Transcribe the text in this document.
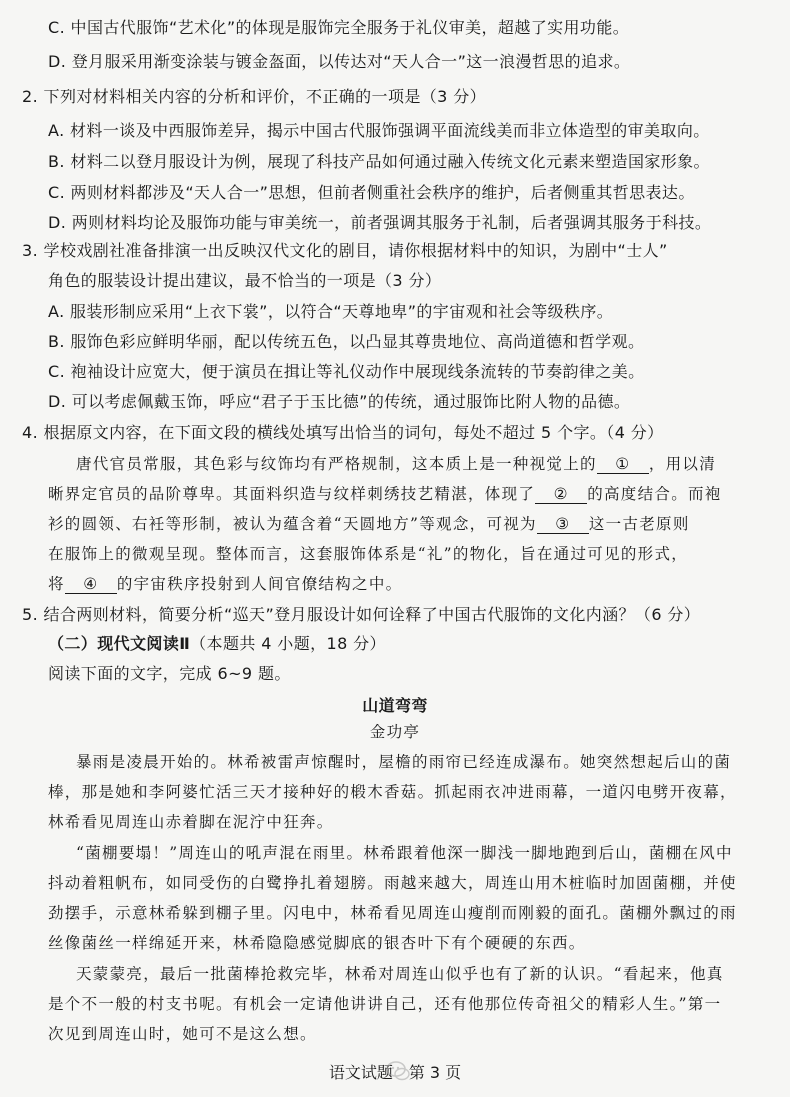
C. 中国古代服饰“艺术化”的体现是服饰完全服务于礼仪审美，超越了实用功能。
D. 登月服采用渐变涂装与镀金盔面，以传达对“天人合一”这一浪漫哲思的追求。
2. 下列对材料相关内容的分析和评价，不正确的一项是（3 分）
A. 材料一谈及中西服饰差异，揭示中国古代服饰强调平面流线美而非立体造型的审美取向。
B. 材料二以登月服设计为例，展现了科技产品如何通过融入传统文化元素来塑造国家形象。
C. 两则材料都涉及“天人合一”思想，但前者侧重社会秩序的维护，后者侧重其哲思表达。
D. 两则材料均论及服饰功能与审美统一，前者强调其服务于礼制，后者强调其服务于科技。
3. 学校戏剧社准备排演一出反映汉代文化的剧目，请你根据材料中的知识，为剧中“士人”
角色的服装设计提出建议，最不恰当的一项是（3 分）
A. 服装形制应采用“上衣下裳”，以符合“天尊地卑”的宇宙观和社会等级秩序。
B. 服饰色彩应鲜明华丽，配以传统五色，以凸显其尊贵地位、高尚道德和哲学观。
C. 袍袖设计应宽大，便于演员在揖让等礼仪动作中展现线条流转的节奏韵律之美。
D. 可以考虑佩戴玉饰，呼应“君子于玉比德”的传统，通过服饰比附人物的品德。
4. 根据原文内容，在下面文段的横线处填写出恰当的词句，每处不超过 5 个字。（4 分）
唐代官员常服，其色彩与纹饰均有严格规制，这本质上是一种视觉上的 ① ，用以清
晰界定官员的品阶尊卑。其面料织造与纹样刺绣技艺精湛，体现了 ② 的高度结合。而袍
衫的圆领、右衽等形制，被认为蕴含着“天圆地方”等观念，可视为 ③ 这一古老原则
在服饰上的微观呈现。整体而言，这套服饰体系是“礼”的物化，旨在通过可见的形式，
将 ④ 的宇宙秩序投射到人间官僚结构之中。
5. 结合两则材料，简要分析“巡天”登月服设计如何诠释了中国古代服饰的文化内涵？（6 分）
（二）现代文阅读Ⅱ（本题共 4 小题，18 分）
阅读下面的文字，完成 6~9 题。
山道弯弯
金功亭
暴雨是凌晨开始的。林希被雷声惊醒时，屋檐的雨帘已经连成瀑布。她突然想起后山的菌
棒，那是她和李阿婆忙活三天才接种好的椴木香菇。抓起雨衣冲进雨幕，一道闪电劈开夜幕，
林希看见周连山赤着脚在泥泞中狂奔。
“菌棚要塌！”周连山的吼声混在雨里。林希跟着他深一脚浅一脚地跑到后山，菌棚在风中
抖动着粗帆布，如同受伤的白鹭挣扎着翅膀。雨越来越大，周连山用木桩临时加固菌棚，并使
劲摆手，示意林希躲到棚子里。闪电中，林希看见周连山瘦削而刚毅的面孔。菌棚外飘过的雨
丝像菌丝一样绵延开来，林希隐隐感觉脚底的银杏叶下有个硬硬的东西。
天蒙蒙亮，最后一批菌棒抢救完毕，林希对周连山似乎也有了新的认识。“看起来，他真
是个不一般的村支书呢。有机会一定请他讲讲自己，还有他那位传奇祖父的精彩人生。”第一
次见到周连山时，她可不是这么想。
语文试题　第 3 页
